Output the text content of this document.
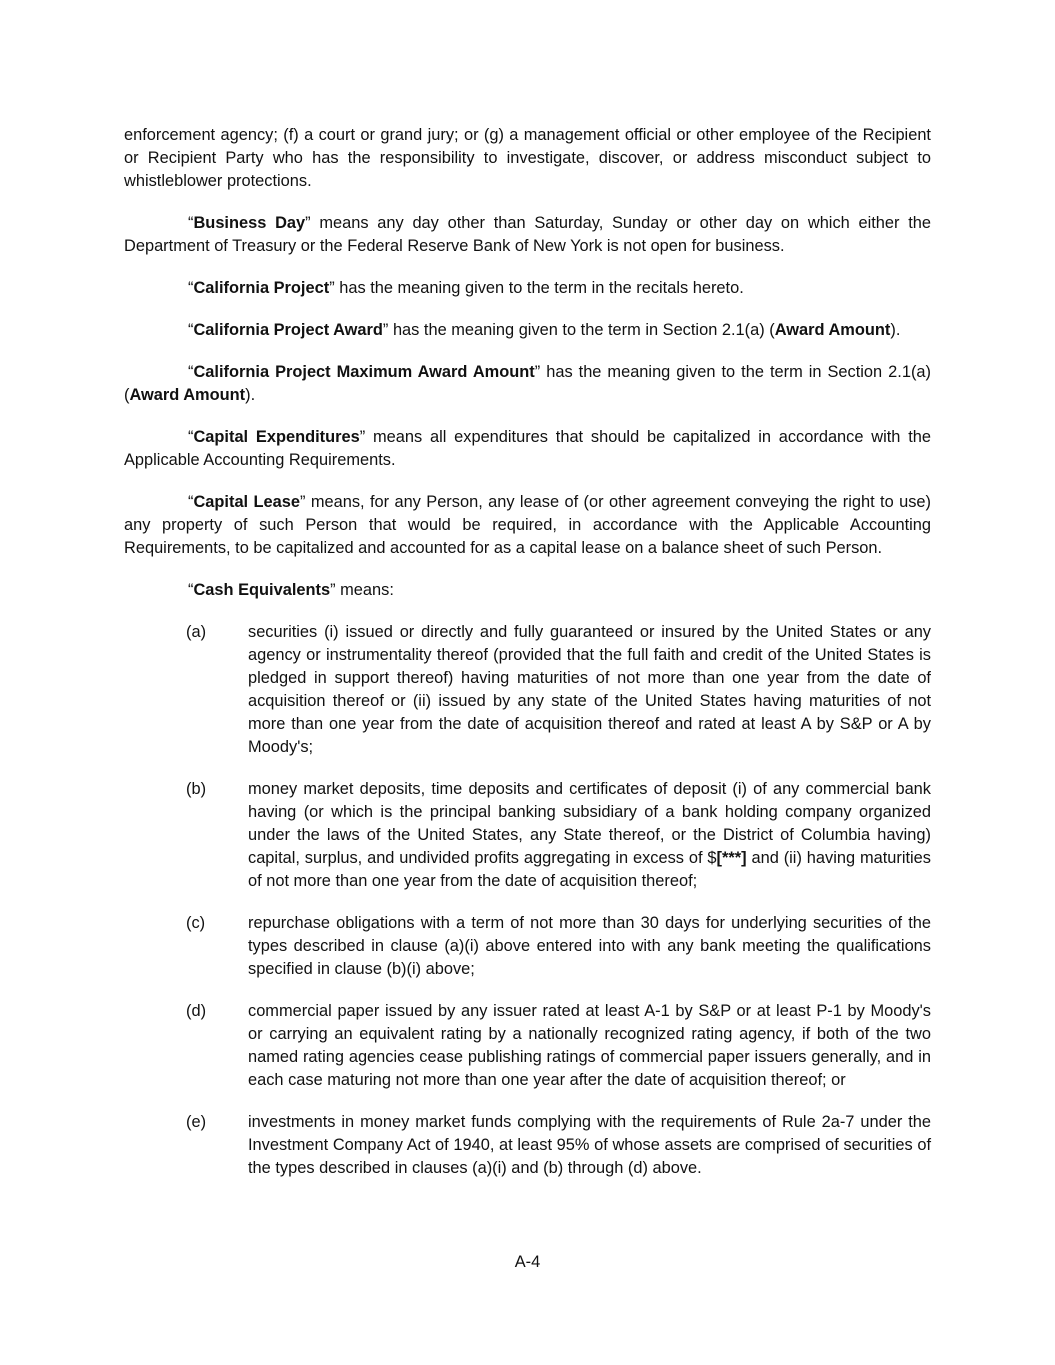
enforcement agency; (f) a court or grand jury; or (g) a management official or other employee of the Recipient or Recipient Party who has the responsibility to investigate, discover, or address misconduct subject to whistleblower protections.

“Business Day” means any day other than Saturday, Sunday or other day on which either the Department of Treasury or the Federal Reserve Bank of New York is not open for business.

“California Project” has the meaning given to the term in the recitals hereto.

“California Project Award” has the meaning given to the term in Section 2.1(a) (Award Amount).

“California Project Maximum Award Amount” has the meaning given to the term in Section 2.1(a) (Award Amount).

“Capital Expenditures” means all expenditures that should be capitalized in accordance with the Applicable Accounting Requirements.

“Capital Lease” means, for any Person, any lease of (or other agreement conveying the right to use) any property of such Person that would be required, in accordance with the Applicable Accounting Requirements, to be capitalized and accounted for as a capital lease on a balance sheet of such Person.

“Cash Equivalents” means:

(a)	securities (i) issued or directly and fully guaranteed or insured by the United States or any agency or instrumentality thereof (provided that the full faith and credit of the United States is pledged in support thereof) having maturities of not more than one year from the date of acquisition thereof or (ii) issued by any state of the United States having maturities of not more than one year from the date of acquisition thereof and rated at least A by S&P or A by Moody's;
(b)	money market deposits, time deposits and certificates of deposit (i) of any commercial bank having (or which is the principal banking subsidiary of a bank holding company organized under the laws of the United States, any State thereof, or the District of Columbia having) capital, surplus, and undivided profits aggregating in excess of $[***] and (ii) having maturities of not more than one year from the date of acquisition thereof;
(c)	repurchase obligations with a term of not more than 30 days for underlying securities of the types described in clause (a)(i) above entered into with any bank meeting the qualifications specified in clause (b)(i) above;
(d)	commercial paper issued by any issuer rated at least A-1 by S&P or at least P-1 by Moody's or carrying an equivalent rating by a nationally recognized rating agency, if both of the two named rating agencies cease publishing ratings of commercial paper issuers generally, and in each case maturing not more than one year after the date of acquisition thereof; or
(e)	investments in money market funds complying with the requirements of Rule 2a-7 under the Investment Company Act of 1940, at least 95% of whose assets are comprised of securities of the types described in clauses (a)(i) and (b) through (d) above.
A-4
